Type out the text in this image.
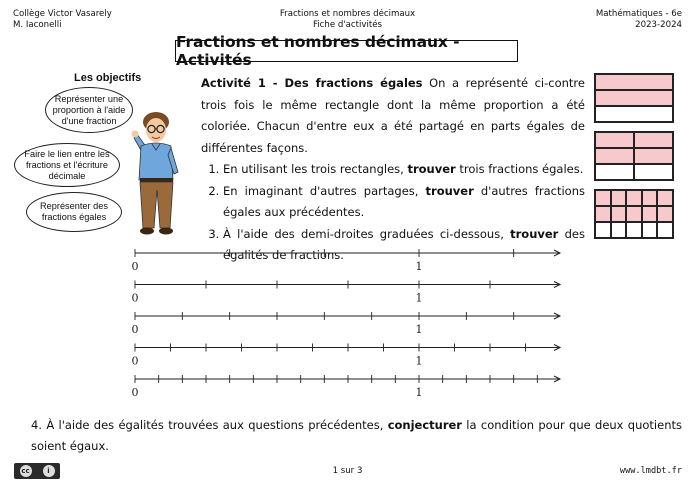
Collège Victor Vasarely
M. Iaconelli
Fractions et nombres décimaux
Fiche d'activités
Mathématiques - 6e
2023-2024
Fractions et nombres décimaux - Activités
Les objectifs
Représenter une proportion à l'aide d'une fraction
Faire le lien entre les fractions et l'écriture décimale
Représenter des fractions égales
Activité 1 - Des fractions égales On a représenté ci-contre trois fois le même rectangle dont la même proportion a été coloriée. Chacun d'entre eux a été partagé en parts égales de différentes façons.
1. En utilisant les trois rectangles, trouver trois fractions égales.
2. En imaginant d'autres partages, trouver d'autres fractions égales aux précédentes.
3. À l'aide des demi-droites graduées ci-dessous, trouver des égalités de fractions.
0	1
0	1
0	1
0	1
0	1
4. À l'aide des égalités trouvées aux questions précédentes, conjecturer la condition pour que deux quotients soient égaux.
cc	i	1 sur 3	www.lmdbt.fr
